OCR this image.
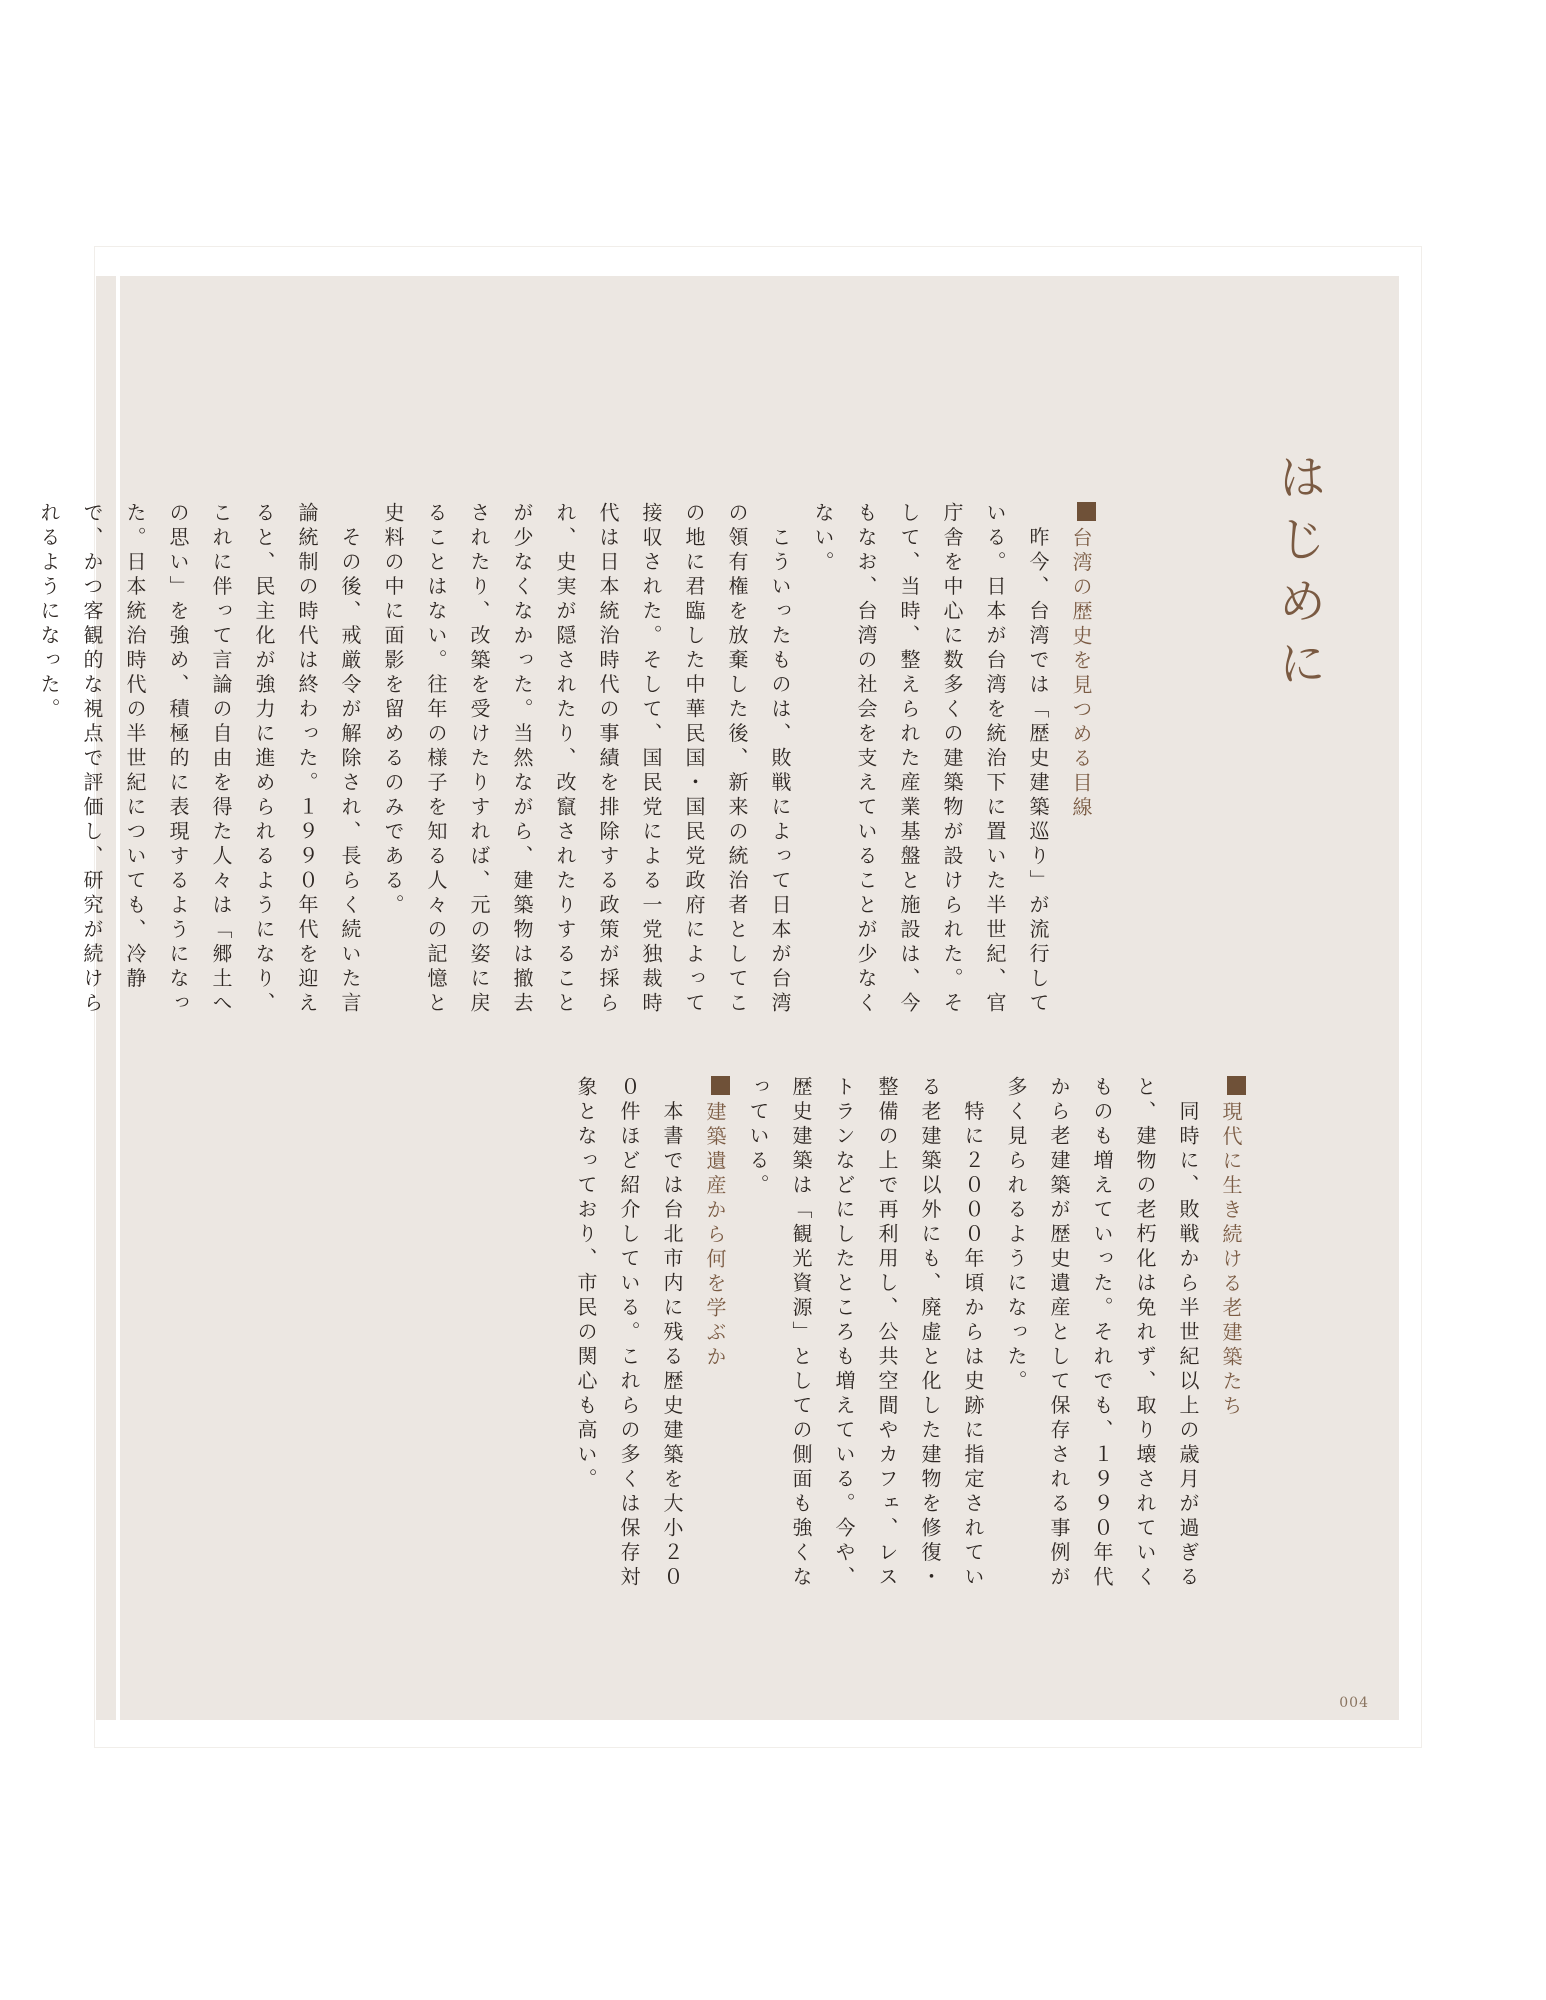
はじめに
台湾の歴史を見つめる目線
　昨今、台湾では「歴史建築巡り」が流行している。日本が台湾を統治下に置いた半世紀、官庁舎を中心に数多くの建築物が設けられた。そして、当時、整えられた産業基盤と施設は、今もなお、台湾の社会を支えていることが少なくない。
　こういったものは、敗戦によって日本が台湾の領有権を放棄した後、新来の統治者としてこの地に君臨した中華民国・国民党政府によって接収された。そして、国民党による一党独裁時代は日本統治時代の事績を排除する政策が採られ、史実が隠されたり、改竄されたりすることが少なくなかった。当然ながら、建築物は撤去されたり、改築を受けたりすれば、元の姿に戻ることはない。往年の様子を知る人々の記憶と史料の中に面影を留めるのみである。
　その後、戒厳令が解除され、長らく続いた言論統制の時代は終わった。１９９０年代を迎えると、民主化が強力に進められるようになり、これに伴って言論の自由を得た人々は「郷土への思い」を強め、積極的に表現するようになった。日本統治時代の半世紀についても、冷静で、かつ客観的な視点で評価し、研究が続けられるようになった。
現代に生き続ける老建築たち
　同時に、敗戦から半世紀以上の歳月が過ぎると、建物の老朽化は免れず、取り壊されていくものも増えていった。それでも、１９９０年代から老建築が歴史遺産として保存される事例が多く見られるようになった。
　特に２０００年頃からは史跡に指定されている老建築以外にも、廃虚と化した建物を修復・整備の上で再利用し、公共空間やカフェ、レストランなどにしたところも増えている。今や、歴史建築は「観光資源」としての側面も強くなっている。
建築遺産から何を学ぶか
　本書では台北市内に残る歴史建築を大小２００件ほど紹介している。これらの多くは保存対象となっており、市民の関心も高い。
004
